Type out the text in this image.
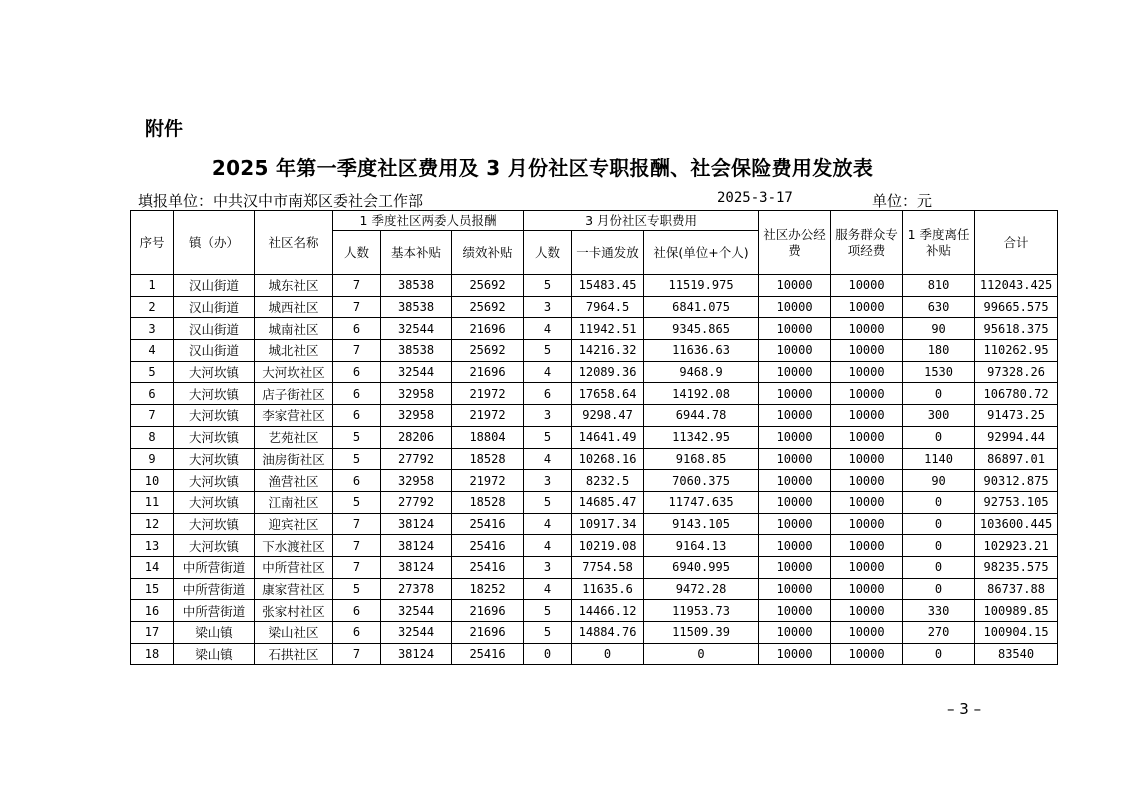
附件
2025 年第一季度社区费用及 3 月份社区专职报酬、社会保险费用发放表
填报单位：中共汉中市南郑区委社会工作部	2025-3-17	单位：元
序号	镇（办）	社区名称	1 季度社区两委人员报酬			3 月份社区专职费用			社区办公经费	服务群众专项经费	1 季度离任补贴	合计
			人数	基本补贴	绩效补贴	人数	一卡通发放	社保(单位+个人)				
1	汉山街道	城东社区	7	38538	25692	5	15483.45	11519.975	10000	10000	810	112043.425
2	汉山街道	城西社区	7	38538	25692	3	7964.5	6841.075	10000	10000	630	99665.575
3	汉山街道	城南社区	6	32544	21696	4	11942.51	9345.865	10000	10000	90	95618.375
4	汉山街道	城北社区	7	38538	25692	5	14216.32	11636.63	10000	10000	180	110262.95
5	大河坎镇	大河坎社区	6	32544	21696	4	12089.36	9468.9	10000	10000	1530	97328.26
6	大河坎镇	店子街社区	6	32958	21972	6	17658.64	14192.08	10000	10000	0	106780.72
7	大河坎镇	李家营社区	6	32958	21972	3	9298.47	6944.78	10000	10000	300	91473.25
8	大河坎镇	艺苑社区	5	28206	18804	5	14641.49	11342.95	10000	10000	0	92994.44
9	大河坎镇	油房街社区	5	27792	18528	4	10268.16	9168.85	10000	10000	1140	86897.01
10	大河坎镇	渔营社区	6	32958	21972	3	8232.5	7060.375	10000	10000	90	90312.875
11	大河坎镇	江南社区	5	27792	18528	5	14685.47	11747.635	10000	10000	0	92753.105
12	大河坎镇	迎宾社区	7	38124	25416	4	10917.34	9143.105	10000	10000	0	103600.445
13	大河坎镇	下水渡社区	7	38124	25416	4	10219.08	9164.13	10000	10000	0	102923.21
14	中所营街道	中所营社区	7	38124	25416	3	7754.58	6940.995	10000	10000	0	98235.575
15	中所营街道	康家营社区	5	27378	18252	4	11635.6	9472.28	10000	10000	0	86737.88
16	中所营街道	张家村社区	6	32544	21696	5	14466.12	11953.73	10000	10000	330	100989.85
17	梁山镇	梁山社区	6	32544	21696	5	14884.76	11509.39	10000	10000	270	100904.15
18	梁山镇	石拱社区	7	38124	25416	0	0	0	10000	10000	0	83540
– 3 –
